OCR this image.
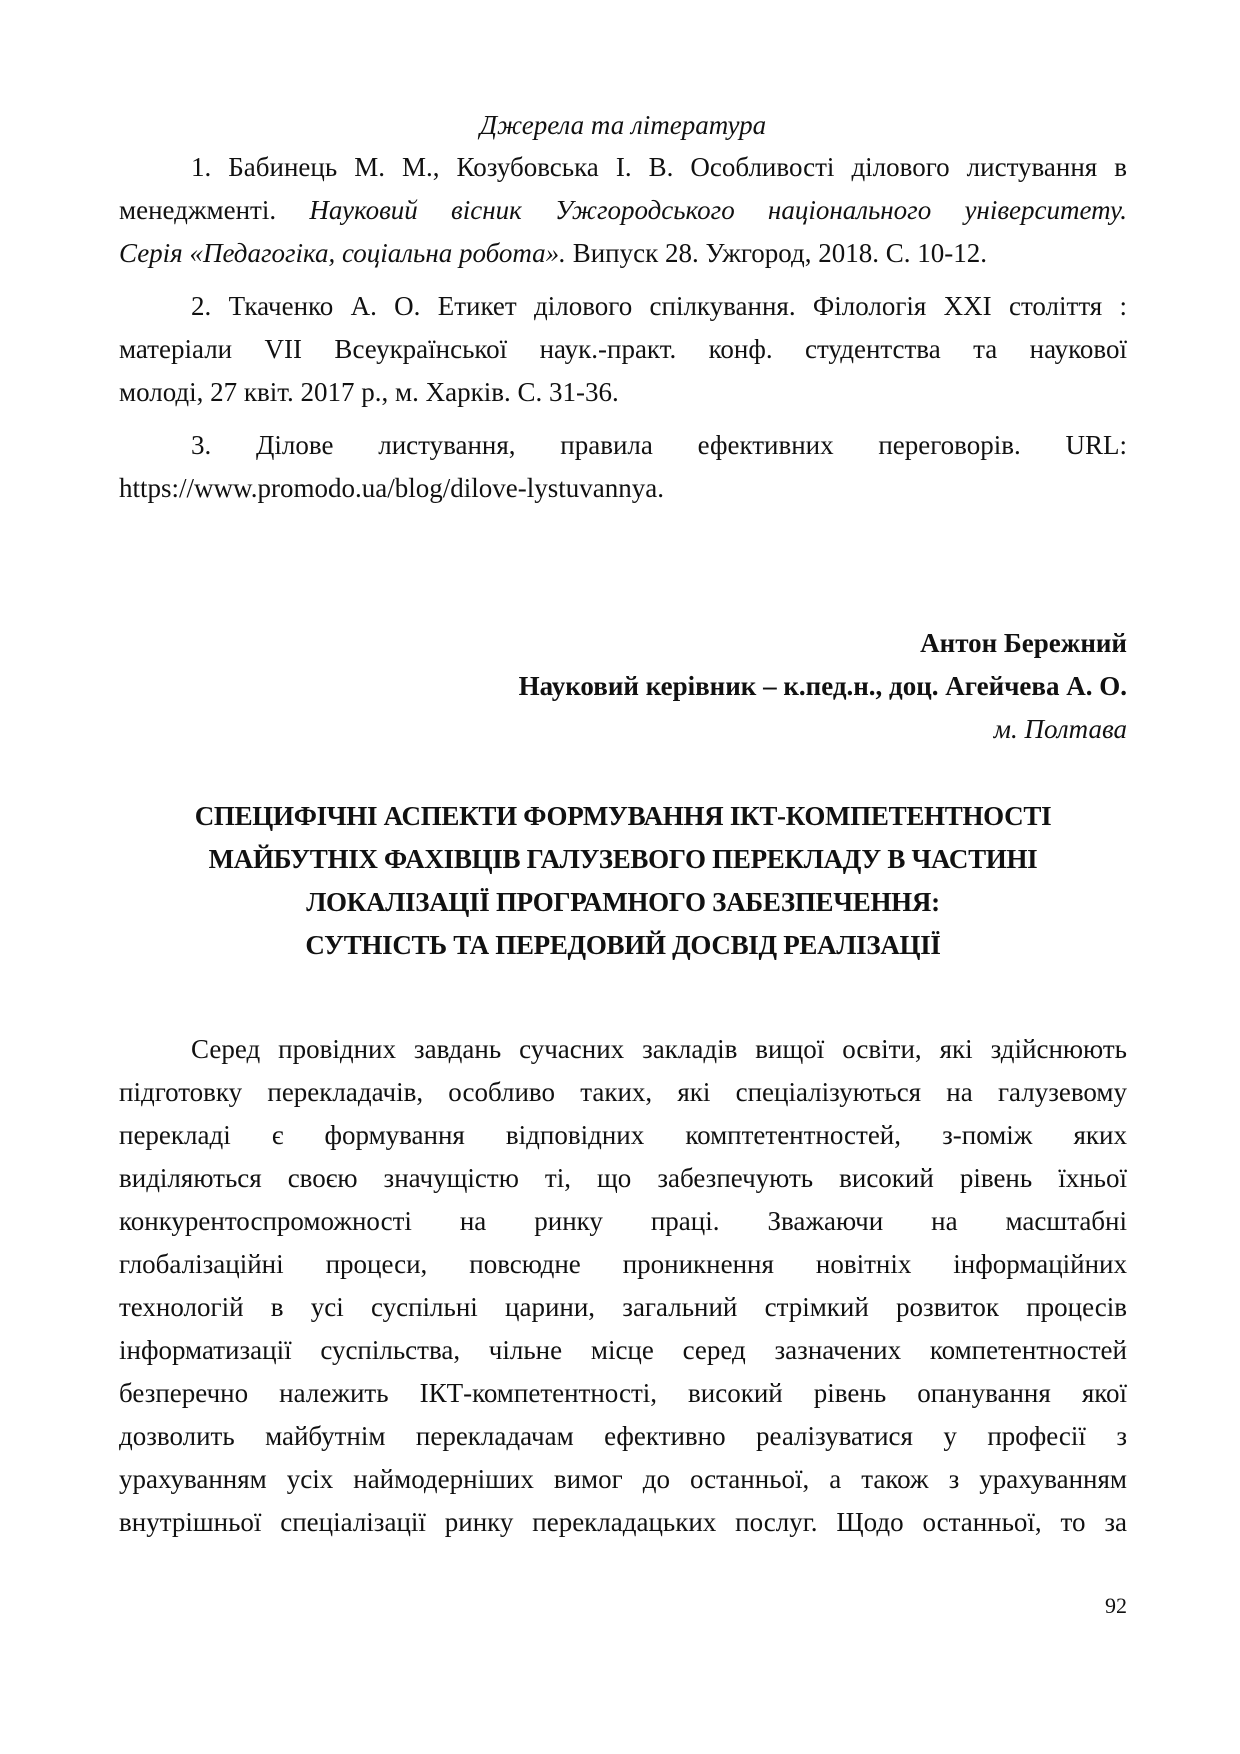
Джерела та література
1. Бабинець М. М., Козубовська І. В. Особливості ділового листування в
менеджменті. Науковий вісник Ужгородського національного університету.
Серія «Педагогіка, соціальна робота». Випуск 28. Ужгород, 2018. С. 10-12.
2. Ткаченко А. О. Етикет ділового спілкування. Філологія XXI століття :
матеріали VII Всеукраїнської наук.-практ. конф. студентства та наукової
молоді, 27 квіт. 2017 р., м. Харків. С. 31-36.
3. Ділове листування, правила ефективних переговорів. URL:
https://www.promodo.ua/blog/dilove-lystuvannya.
Антон Бережний
Науковий керівник – к.пед.н., доц. Агейчева А. О.
м. Полтава
СПЕЦИФІЧНІ АСПЕКТИ ФОРМУВАННЯ ІКТ-КОМПЕТЕНТНОСТІ
МАЙБУТНІХ ФАХІВЦІВ ГАЛУЗЕВОГО ПЕРЕКЛАДУ В ЧАСТИНІ
ЛОКАЛІЗАЦІЇ ПРОГРАМНОГО ЗАБЕЗПЕЧЕННЯ:
СУТНІСТЬ ТА ПЕРЕДОВИЙ ДОСВІД РЕАЛІЗАЦІЇ
Серед провідних завдань сучасних закладів вищої освіти, які здійснюють
підготовку перекладачів, особливо таких, які спеціалізуються на галузевому
перекладі є формування відповідних комптетентностей, з-поміж яких
виділяються своєю значущістю ті, що забезпечують високий рівень їхньої
конкурентоспроможності на ринку праці. Зважаючи на масштабні
глобалізаційні процеси, повсюдне проникнення новітніх інформаційних
технологій в усі суспільні царини, загальний стрімкий розвиток процесів
інформатизації суспільства, чільне місце серед зазначених компетентностей
безперечно належить ІКТ-компетентності, високий рівень опанування якої
дозволить майбутнім перекладачам ефективно реалізуватися у професії з
урахуванням усіх наймодерніших вимог до останньої, а також з урахуванням
внутрішньої спеціалізації ринку перекладацьких послуг. Щодо останньої, то за
92
